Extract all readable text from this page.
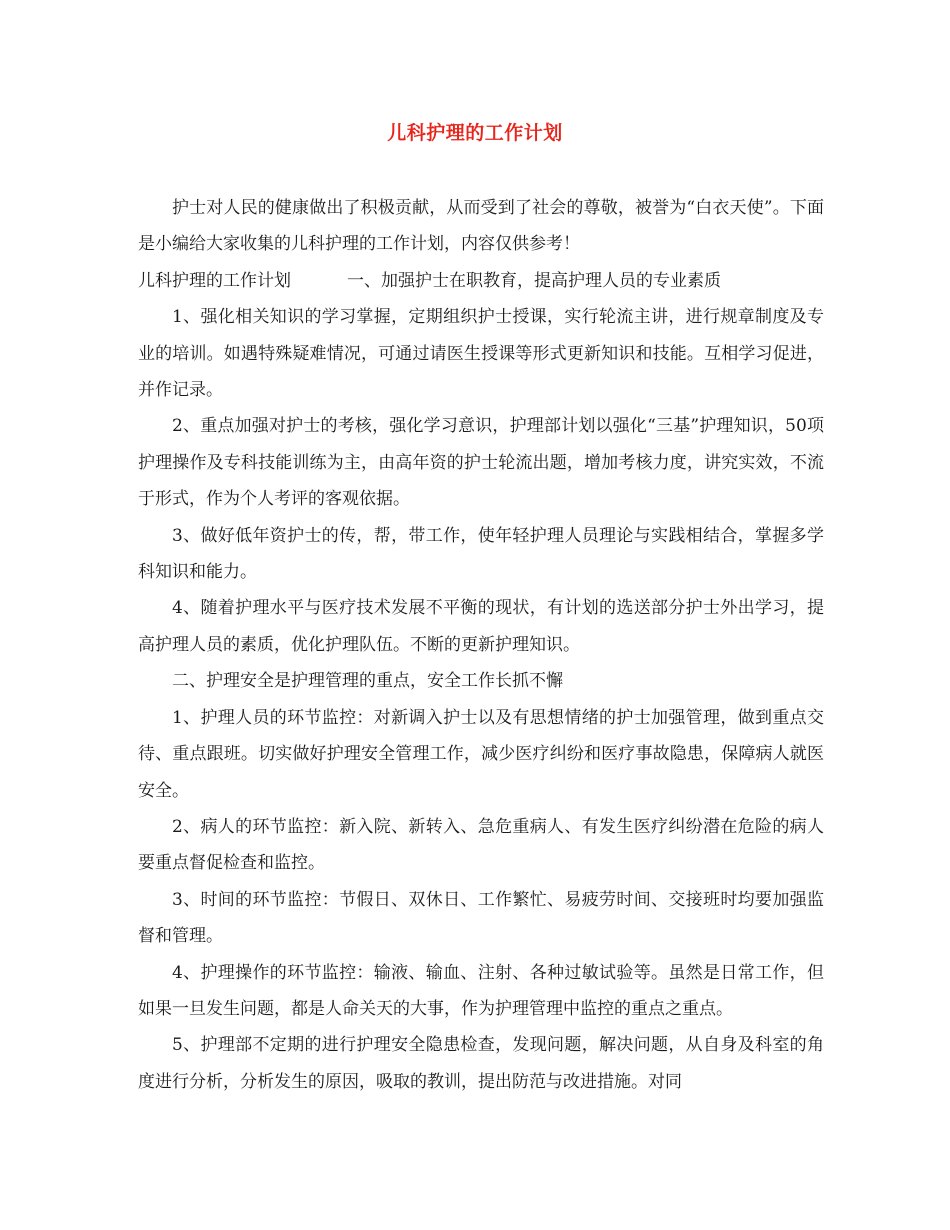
儿科护理的工作计划

护士对人民的健康做出了积极贡献，从而受到了社会的尊敬，被誉为“白衣天使”。下面是小编给大家收集的儿科护理的工作计划，内容仅供参考！

儿科护理的工作计划	一、加强护士在职教育，提高护理人员的专业素质

1、强化相关知识的学习掌握，定期组织护士授课，实行轮流主讲，进行规章制度及专业的培训。如遇特殊疑难情况，可通过请医生授课等形式更新知识和技能。互相学习促进，并作记录。

2、重点加强对护士的考核，强化学习意识，护理部计划以强化“三基”护理知识，50项护理操作及专科技能训练为主，由高年资的护士轮流出题，增加考核力度，讲究实效，不流于形式，作为个人考评的客观依据。

3、做好低年资护士的传，帮，带工作，使年轻护理人员理论与实践相结合，掌握多学科知识和能力。

4、随着护理水平与医疗技术发展不平衡的现状，有计划的选送部分护士外出学习，提高护理人员的素质，优化护理队伍。不断的更新护理知识。

二、护理安全是护理管理的重点，安全工作长抓不懈

1、护理人员的环节监控：对新调入护士以及有思想情绪的护士加强管理，做到重点交待、重点跟班。切实做好护理安全管理工作，减少医疗纠纷和医疗事故隐患，保障病人就医安全。

2、病人的环节监控：新入院、新转入、急危重病人、有发生医疗纠纷潜在危险的病人要重点督促检查和监控。

3、时间的环节监控：节假日、双休日、工作繁忙、易疲劳时间、交接班时均要加强监督和管理。

4、护理操作的环节监控：输液、输血、注射、各种过敏试验等。虽然是日常工作，但如果一旦发生问题，都是人命关天的大事，作为护理管理中监控的重点之重点。

5、护理部不定期的进行护理安全隐患检查，发现问题，解决问题，从自身及科室的角度进行分析，分析发生的原因，吸取的教训，提出防范与改进措施。对同
